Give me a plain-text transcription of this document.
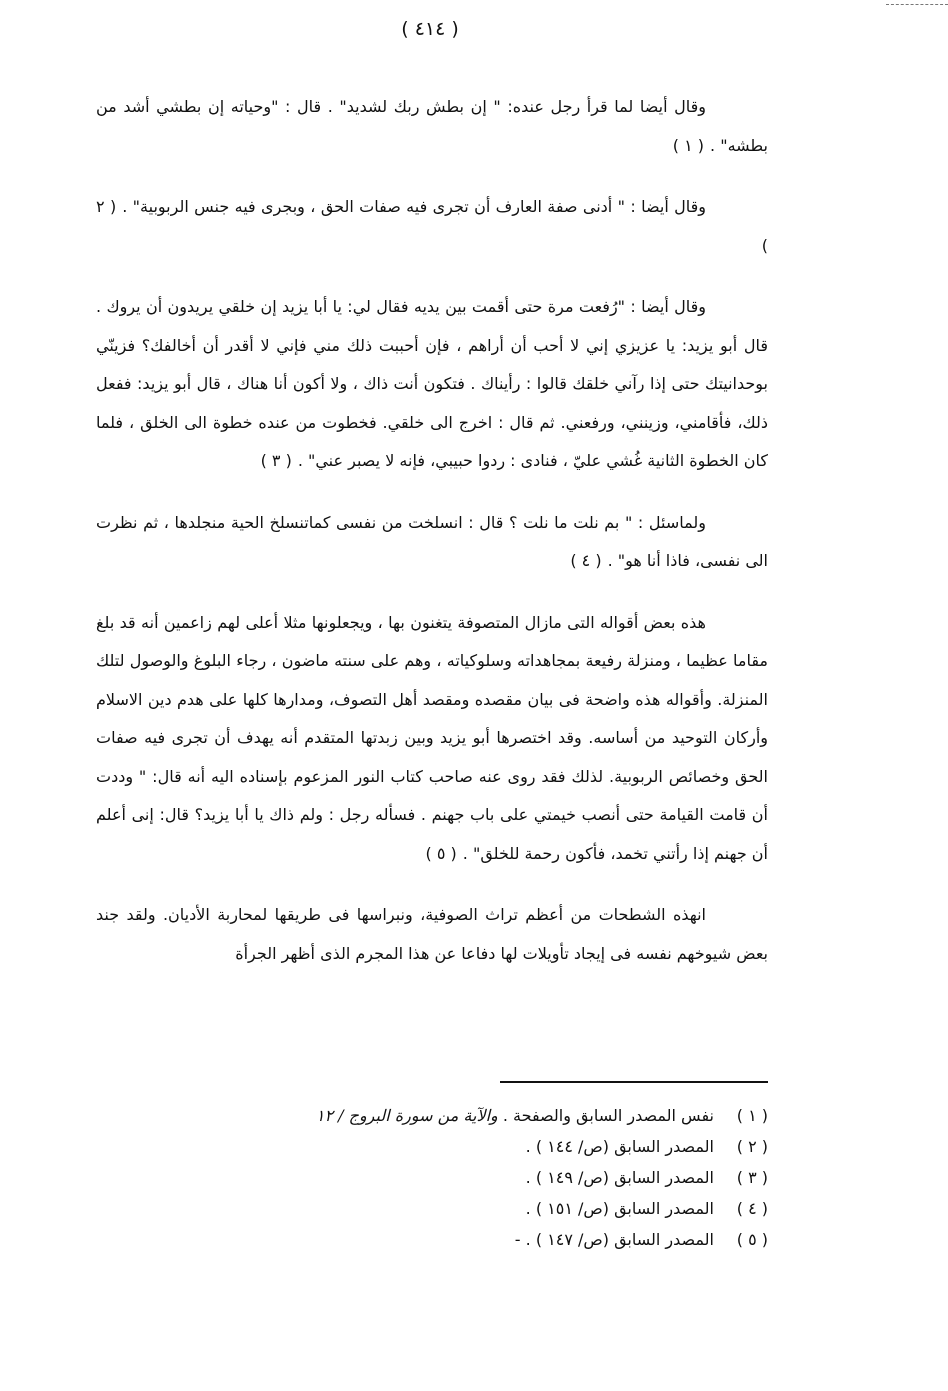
( ٤١٤ )

وقال أيضا لما قرأ رجل عنده: " إن بطش ربك لشديد" . قال : "وحياته إن بطشي أشد من بطشه" .( ١ )

وقال أيضا : " أدنى صفة العارف أن تجرى فيه صفات الحق ، وبجرى فيه جنس الربوبية" .( ٢ )

وقال أيضا : "رُفعت مرة حتى أقمت بين يديه فقال لي: يا أبا يزيد إن خلقي يريدون أن يروك . قال أبو يزيد: يا عزيزي إني لا أحب أن أراهم ، فإن أحببت ذلك مني فإني لا أقدر أن أخالفك؟ فزينّي بوحدانيتك حتى إذا رآني خلقك قالوا : رأيناك . فتكون أنت ذاك ، ولا أكون أنا هناك ، قال أبو يزيد: ففعل ذلك، فأقامني، وزينني، ورفعني. ثم قال : اخرج الى خلقي. فخطوت من عنده خطوة الى الخلق ، فلما كان الخطوة الثانية غُشي عليّ ، فنادى : ردوا حبيبي، فإنه لا يصبر عني" .( ٣ )

ولماسئل : " بم نلت ما نلت ؟ قال : انسلخت من نفسى كماتنسلخ الحية منجلدها ، ثم نظرت الى نفسى، فاذا أنا هو" .( ٤ )

هذه بعض أقواله التى مازال المتصوفة يتغنون بها ، ويجعلونها مثلا أعلى لهم زاعمين أنه قد بلغ مقاما عظيما ، ومنزلة رفيعة بمجاهداته وسلوكياته ، وهم على سنته ماضون ، رجاء البلوغ والوصول لتلك المنزلة. وأقواله هذه واضحة فى بيان مقصده ومقصد أهل التصوف، ومدارها كلها على هدم دين الاسلام وأركان التوحيد من أساسه. وقد اختصرها أبو يزيد وبين زبدتها المتقدم أنه يهدف أن تجرى فيه صفات الحق وخصائص الربوبية. لذلك فقد روى عنه صاحب كتاب النور المزعوم بإسناده اليه أنه قال: " وددت أن قامت القيامة حتى أنصب خيمتي على باب جهنم . فسأله رجل : ولم ذاك يا أبا يزيد؟ قال: إنى أعلم أن جهنم إذا رأتني تخمد، فأكون رحمة للخلق" .( ٥ )

انهذه الشطحات من أعظم تراث الصوفية، ونبراسها فى طريقها لمحاربة الأديان. ولقد جند بعض شيوخهم نفسه فى إيجاد تأويلات لها دفاعا عن هذا المجرم الذى أظهر الجرأة

( ١ )
نفس المصدر السابق والصفحة . والآية من سورة البروج / ١٢
( ٢ )
المصدر السابق (ص/ ١٤٤ ) .
( ٣ )
المصدر السابق (ص/ ١٤٩ ) .
( ٤ )
المصدر السابق (ص/ ١٥١ ) .
( ٥ )
المصدر السابق (ص/ ١٤٧ ) . -
